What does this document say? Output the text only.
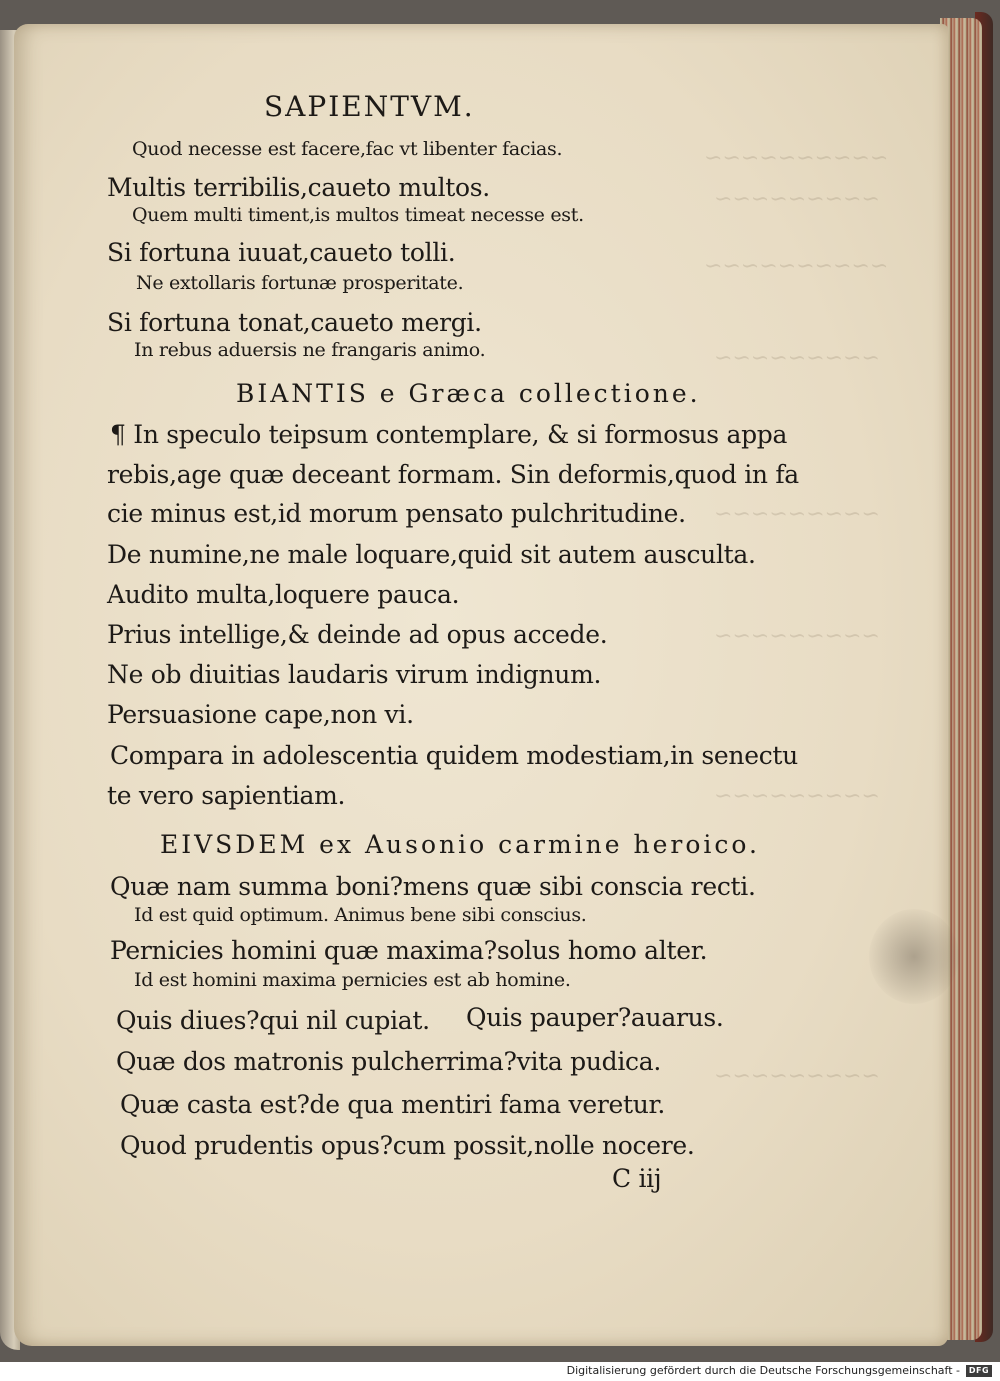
~~~~~~~~~~
~~~~~~~~~
~~~~~~~~~~
~~~~~~~~~
~~~~~~~~~
~~~~~~~~~
~~~~~~~~~
~~~~~~~~~
SAPIENTVM.
Quod necesse est facere,fac vt libenter facias.
Multis terribilis,caueto multos.
Quem multi timent,is multos timeat necesse est.
Si fortuna iuuat,caueto tolli.
Ne extollaris fortunæ prosperitate.
Si fortuna tonat,caueto mergi.
In rebus aduersis ne frangaris animo.
BIANTIS e Græca collectione.
¶ In speculo teipsum contemplare, & si formosus appa
rebis,age quæ deceant formam. Sin deformis,quod in fa
cie minus est,id morum pensato pulchritudine.
De numine,ne male loquare,quid sit autem ausculta.
Audito multa,loquere pauca.
Prius intellige,& deinde ad opus accede.
Ne ob diuitias laudaris virum indignum.
Persuasione cape,non vi.
Compara in adolescentia quidem modestiam,in senectu
te vero sapientiam.
EIVSDEM ex Ausonio carmine heroico.
Quæ nam summa boni?mens quæ sibi conscia recti.
Id est quid optimum. Animus bene sibi conscius.
Pernicies homini quæ maxima?solus homo alter.
Id est homini maxima pernicies est ab homine.
Quis diues?qui nil cupiat. Quis pauper?auarus.
Quæ dos matronis pulcherrima?vita pudica.
Quæ casta est?de qua mentiri fama veretur.
Quod prudentis opus?cum possit,nolle nocere.
C iij
Digitalisierung gefördert durch die Deutsche Forschungsgemeinschaft -	DFG
